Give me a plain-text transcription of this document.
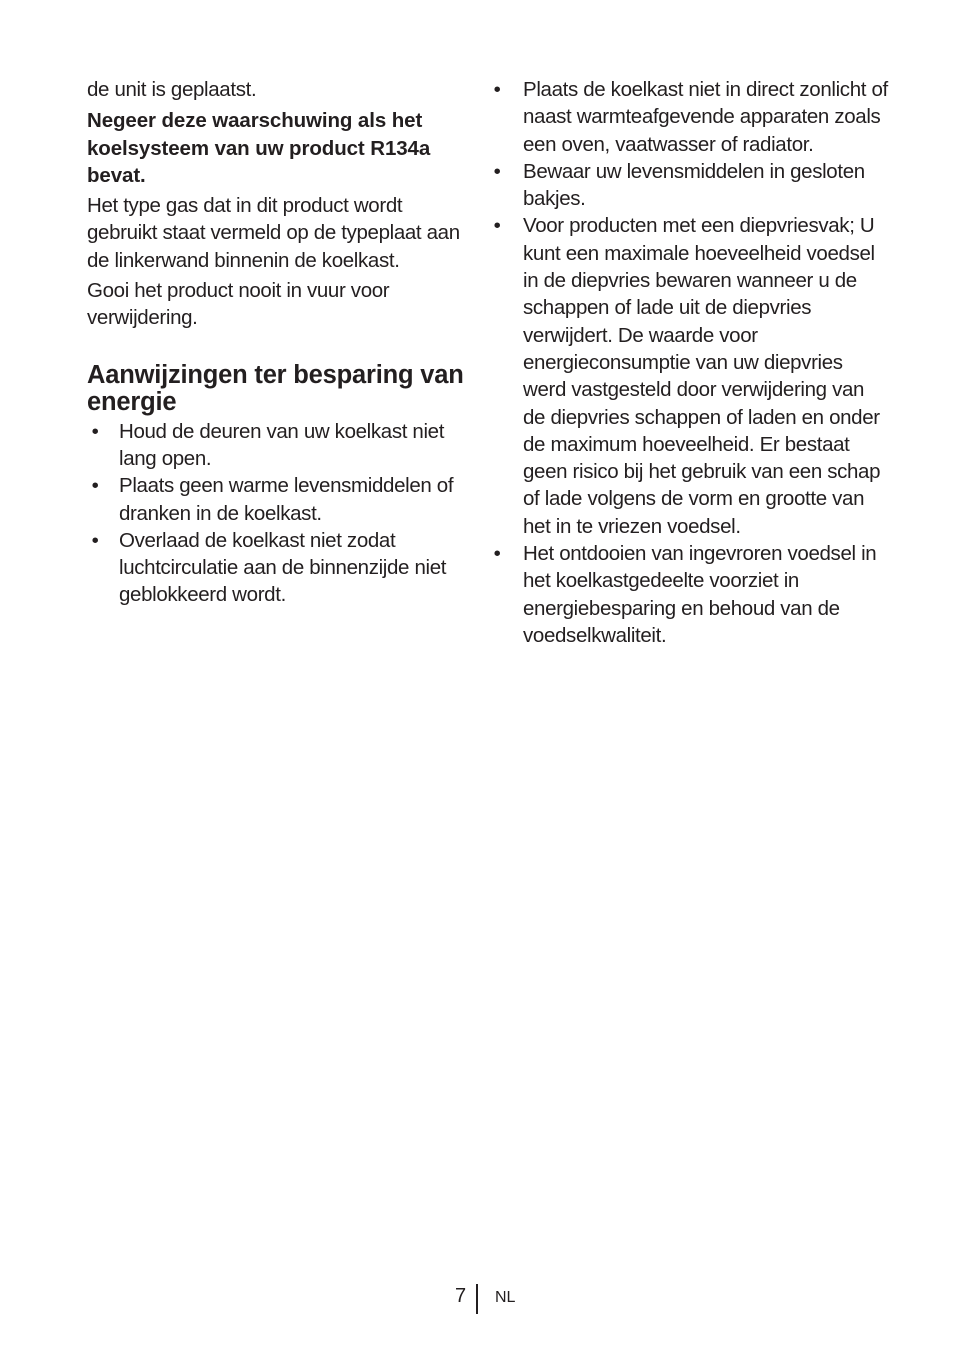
de unit is geplaatst.

Negeer deze waarschuwing als het koelsysteem van uw product R134a bevat.

Het type gas dat in dit product wordt gebruikt staat vermeld op de typeplaat aan de linkerwand binnenin de koelkast.

Gooi het product nooit in vuur voor verwijdering.

Aanwijzingen ter besparing van energie
• Houd de deuren van uw koelkast niet lang open.
• Plaats geen warme levensmiddelen of dranken in de koelkast.
• Overlaad de koelkast niet zodat luchtcirculatie aan de binnenzijde niet geblokkeerd wordt.
• Plaats de koelkast niet in direct zonlicht of naast warmteafgevende apparaten zoals een oven, vaatwasser of radiator.
• Bewaar uw levensmiddelen in gesloten bakjes.
• Voor producten met een diepvriesvak; U kunt een maximale hoeveelheid voedsel in de diepvries bewaren wanneer u de schappen of lade uit de diepvries verwijdert. De waarde voor energieconsumptie van uw diepvries werd vastgesteld door verwijdering van de diepvries schappen of laden en onder de maximum hoeveelheid. Er bestaat geen risico bij het gebruik van een schap of lade volgens de vorm en grootte van het in te vriezen voedsel.
• Het ontdooien van ingevroren voedsel in het koelkastgedeelte voorziet in energiebesparing en behoud van de voedselkwaliteit.
7 NL
